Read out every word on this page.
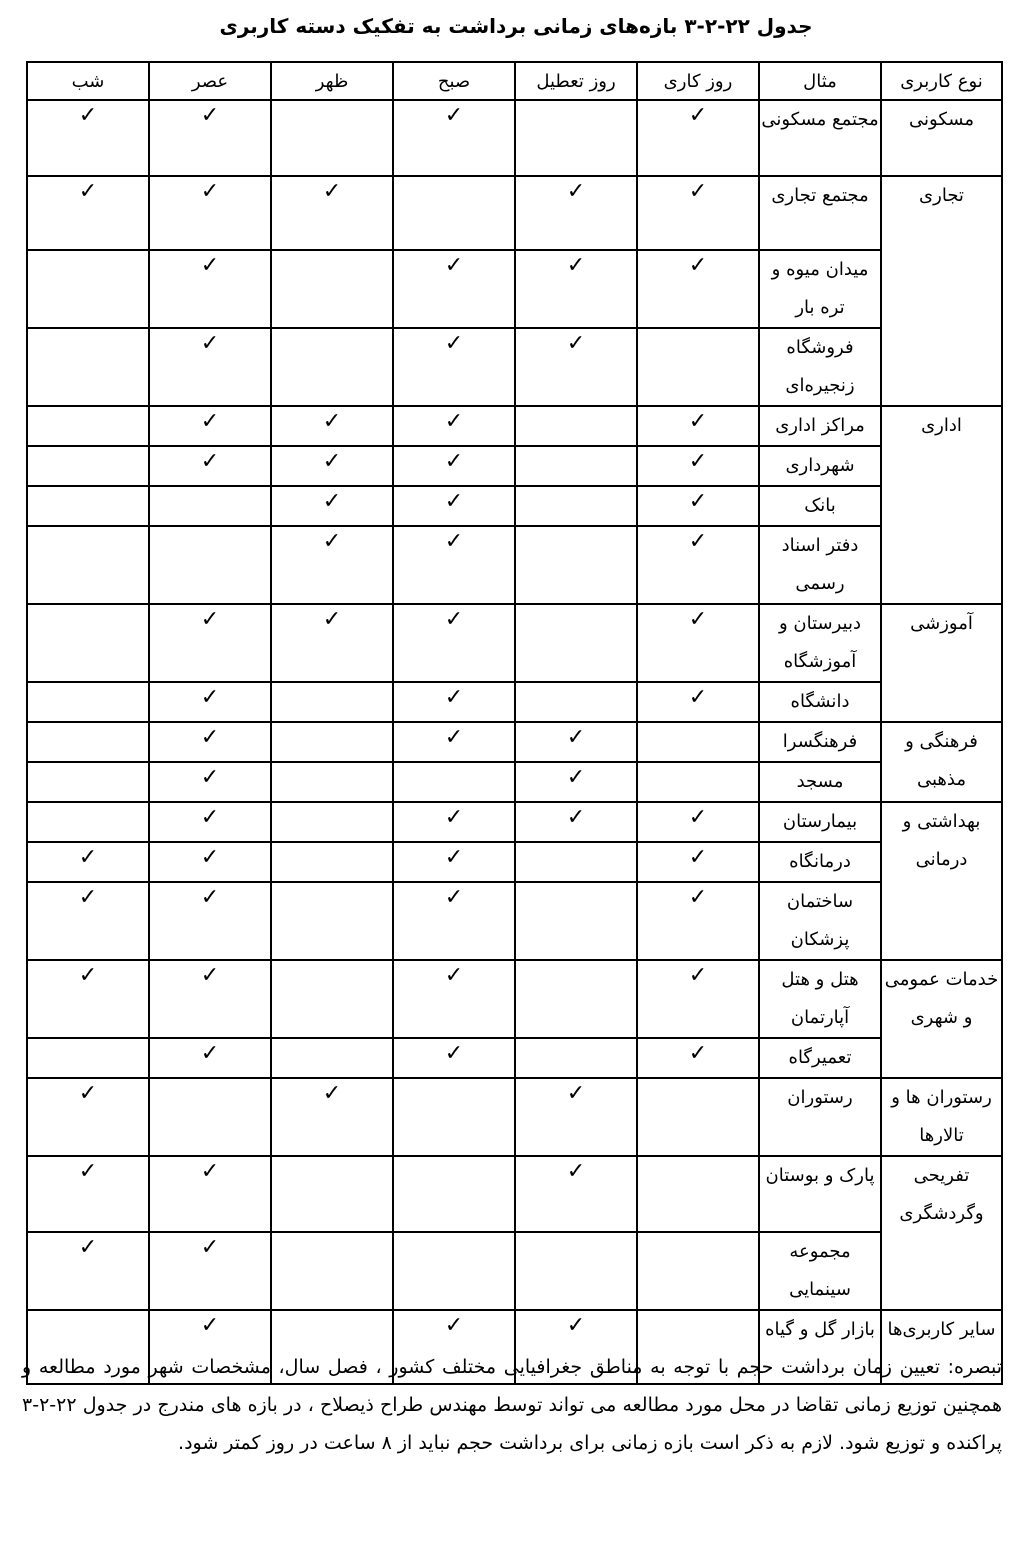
جدول ۲۲-۲-۳ بازه‌های زمانی برداشت به تفکیک دسته کاربری
نوع کاربری	مثال	روز کاری	روز تعطیل	صبح	ظهر	عصر	شب
مسکونی	مجتمع مسکونی	✓		✓		✓	✓

تجاری	مجتمع تجاری	✓	✓		✓	✓	✓

	میدان میوه و تره بار	✓	✓	✓		✓	

	فروشگاه زنجیره‌ای		✓	✓		✓	

اداری	مراکز اداری	✓		✓	✓	✓	

	شهرداری	✓		✓	✓	✓	

	بانک	✓		✓	✓		

	دفتر اسناد رسمی	✓		✓	✓		

آموزشی	دبیرستان و آموزشگاه	✓		✓	✓	✓	

	دانشگاه	✓		✓		✓	

فرهنگی و مذهبی	فرهنگسرا		✓	✓		✓	

	مسجد		✓			✓	

بهداشتی و درمانی	بیمارستان	✓	✓	✓		✓	

	درمانگاه	✓		✓		✓	✓

	ساختمان پزشکان	✓		✓		✓	✓

خدمات عمومی و شهری	هتل و هتل آپارتمان	✓		✓		✓	✓

	تعمیرگاه	✓		✓		✓	

رستوران ها و تالارها	رستوران		✓		✓		✓

تفریحی وگردشگری	پارک و بوستان		✓			✓	✓

	مجموعه سینمایی					✓	✓

سایر کاربری‌ها	بازار گل و گیاه		✓	✓		✓	

تبصره: تعیین زمان برداشت حجم با توجه به مناطق جغرافیایی مختلف کشور ، فصل سال، مشخصات شهر مورد مطالعه و همچنین توزیع زمانی تقاضا در محل مورد مطالعه می تواند توسط مهندس طراح ذیصلاح ، در بازه های مندرج در جدول ۲۲-۲-۳ پراکنده و توزیع شود. لازم به ذکر است بازه زمانی برای برداشت حجم نباید از ۸ ساعت در روز کمتر شود.
